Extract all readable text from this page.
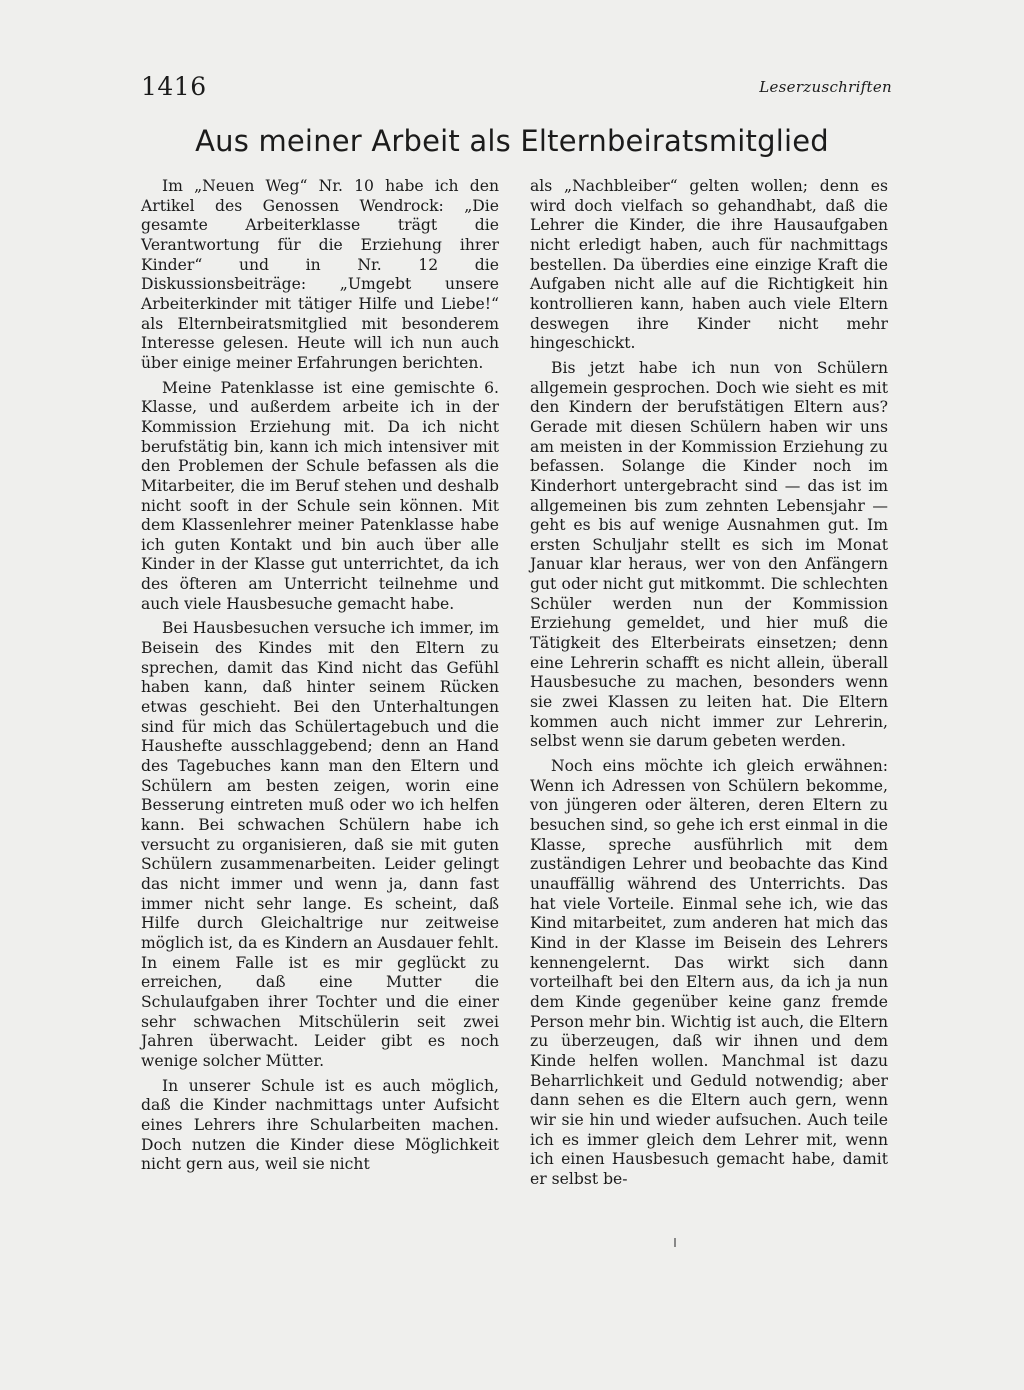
1416	Leserzuschriften
Aus meiner Arbeit als Elternbeiratsmitglied

Im „Neuen Weg“ Nr. 10 habe ich den Artikel des Genossen Wendrock: „Die gesamte Arbeiterklasse trägt die Verantwortung für die Erziehung ihrer Kinder“ und in Nr. 12 die Diskussionsbeiträge: „Umgebt unsere Arbeiterkinder mit tätiger Hilfe und Liebe!“ als Elternbeiratsmitglied mit besonderem Interesse gelesen. Heute will ich nun auch über einige meiner Erfahrungen berichten.

Meine Patenklasse ist eine gemischte 6. Klasse, und außerdem arbeite ich in der Kommission Erziehung mit. Da ich nicht berufstätig bin, kann ich mich intensiver mit den Problemen der Schule befassen als die Mitarbeiter, die im Beruf stehen und deshalb nicht sooft in der Schule sein können. Mit dem Klassenlehrer meiner Patenklasse habe ich guten Kontakt und bin auch über alle Kinder in der Klasse gut unterrichtet, da ich des öfteren am Unterricht teilnehme und auch viele Hausbesuche gemacht habe.

Bei Hausbesuchen versuche ich immer, im Beisein des Kindes mit den Eltern zu sprechen, damit das Kind nicht das Gefühl haben kann, daß hinter seinem Rücken etwas geschieht. Bei den Unterhaltungen sind für mich das Schülertagebuch und die Haushefte ausschlaggebend; denn an Hand des Tagebuches kann man den Eltern und Schülern am besten zeigen, worin eine Besserung eintreten muß oder wo ich helfen kann. Bei schwachen Schülern habe ich versucht zu organisieren, daß sie mit guten Schülern zusammenarbeiten. Leider gelingt das nicht immer und wenn ja, dann fast immer nicht sehr lange. Es scheint, daß Hilfe durch Gleichaltrige nur zeitweise möglich ist, da es Kindern an Ausdauer fehlt. In einem Falle ist es mir geglückt zu erreichen, daß eine Mutter die Schulaufgaben ihrer Tochter und die einer sehr schwachen Mitschülerin seit zwei Jahren überwacht. Leider gibt es noch wenige solcher Mütter.

In unserer Schule ist es auch möglich, daß die Kinder nachmittags unter Aufsicht eines Lehrers ihre Schularbeiten machen. Doch nutzen die Kinder diese Möglichkeit nicht gern aus, weil sie nicht

als „Nachbleiber“ gelten wollen; denn es wird doch vielfach so gehandhabt, daß die Lehrer die Kinder, die ihre Hausaufgaben nicht erledigt haben, auch für nachmittags bestellen. Da überdies eine einzige Kraft die Aufgaben nicht alle auf die Richtigkeit hin kontrollieren kann, haben auch viele Eltern deswegen ihre Kinder nicht mehr hingeschickt.

Bis jetzt habe ich nun von Schülern allgemein gesprochen. Doch wie sieht es mit den Kindern der berufstätigen Eltern aus? Gerade mit diesen Schülern haben wir uns am meisten in der Kommission Erziehung zu befassen. Solange die Kinder noch im Kinderhort untergebracht sind — das ist im allgemeinen bis zum zehnten Lebensjahr — geht es bis auf wenige Ausnahmen gut. Im ersten Schuljahr stellt es sich im Monat Januar klar heraus, wer von den Anfängern gut oder nicht gut mitkommt. Die schlechten Schüler werden nun der Kommission Erziehung gemeldet, und hier muß die Tätigkeit des Elterbeirats einsetzen; denn eine Lehrerin schafft es nicht allein, überall Hausbesuche zu machen, besonders wenn sie zwei Klassen zu leiten hat. Die Eltern kommen auch nicht immer zur Lehrerin, selbst wenn sie darum gebeten werden.

Noch eins möchte ich gleich erwähnen: Wenn ich Adressen von Schülern bekomme, von jüngeren oder älteren, deren Eltern zu besuchen sind, so gehe ich erst einmal in die Klasse, spreche ausführlich mit dem zuständigen Lehrer und beobachte das Kind unauffällig während des Unterrichts. Das hat viele Vorteile. Einmal sehe ich, wie das Kind mitarbeitet, zum anderen hat mich das Kind in der Klasse im Beisein des Lehrers kennengelernt. Das wirkt sich dann vorteilhaft bei den Eltern aus, da ich ja nun dem Kinde gegenüber keine ganz fremde Person mehr bin. Wichtig ist auch, die Eltern zu überzeugen, daß wir ihnen und dem Kinde helfen wollen. Manchmal ist dazu Beharrlichkeit und Geduld notwendig; aber dann sehen es die Eltern auch gern, wenn wir sie hin und wieder aufsuchen. Auch teile ich es immer gleich dem Lehrer mit, wenn ich einen Hausbesuch gemacht habe, damit er selbst be-
